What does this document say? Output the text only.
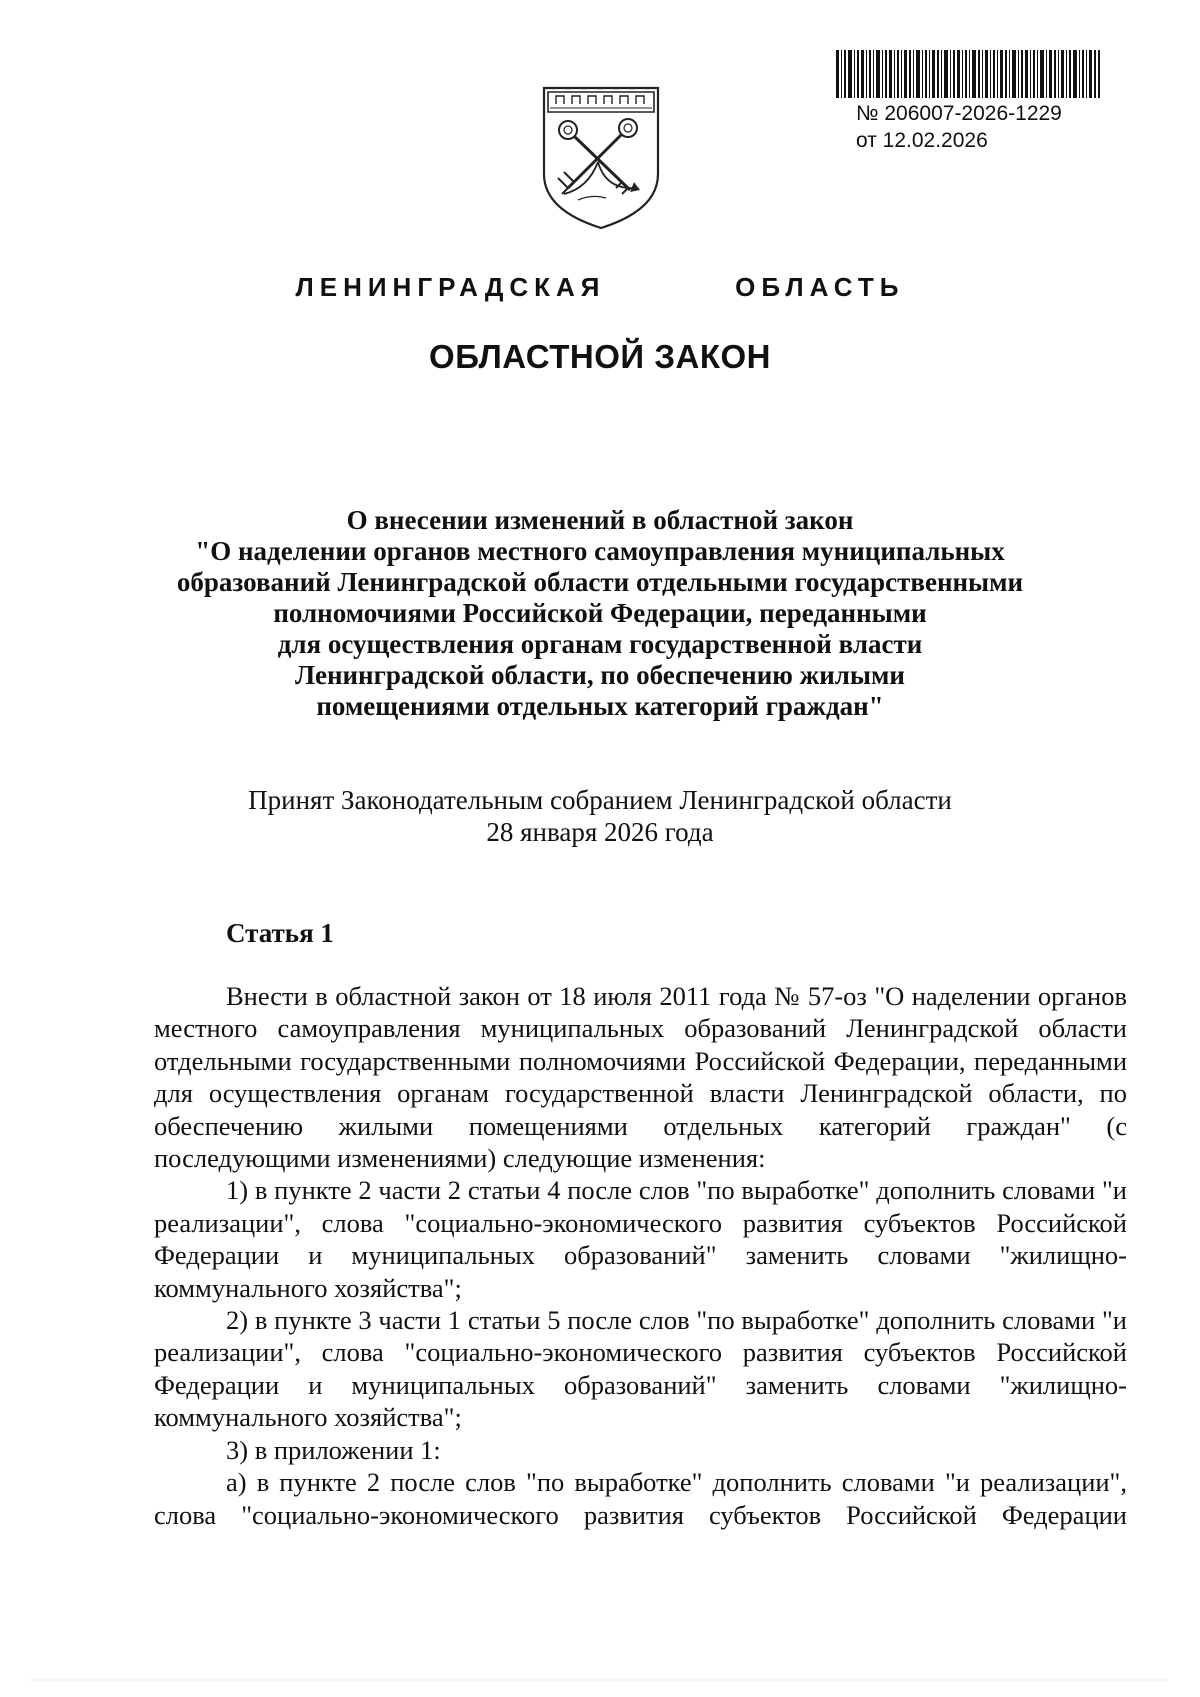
№ 206007-2026-1229
от 12.02.2026
ЛЕНИНГРАДСКАЯ   ОБЛАСТЬ
ОБЛАСТНОЙ ЗАКОН
О внесении изменений в областной закон
"О наделении органов местного самоуправления муниципальных
образований Ленинградской области отдельными государственными
полномочиями Российской Федерации, переданными
для осуществления органам государственной власти
Ленинградской области, по обеспечению жилыми
помещениями отдельных категорий граждан"
Принят Законодательным собранием Ленинградской области
28 января 2026 года
Статья 1

Внести в областной закон от 18 июля 2011 года № 57-оз "О наделении органов местного самоуправления муниципальных образований Ленинградской области отдельными государственными полномочиями Российской Федерации, переданными для осуществления органам государственной власти Ленинградской области, по обеспечению жилыми помещениями отдельных категорий граждан" (с последующими изменениями) следующие изменения:

1) в пункте 2 части 2 статьи 4 после слов "по выработке" дополнить словами "и реализации", слова "социально-экономического развития субъектов Российской Федерации и муниципальных образований" заменить словами "жилищно-коммунального хозяйства";

2) в пункте 3 части 1 статьи 5 после слов "по выработке" дополнить словами "и реализации", слова "социально-экономического развития субъектов Российской Федерации и муниципальных образований" заменить словами "жилищно-коммунального хозяйства";

3) в приложении 1:

а) в пункте 2 после слов "по выработке" дополнить словами "и реализации", слова "социально-экономического развития субъектов Российской Федерации
